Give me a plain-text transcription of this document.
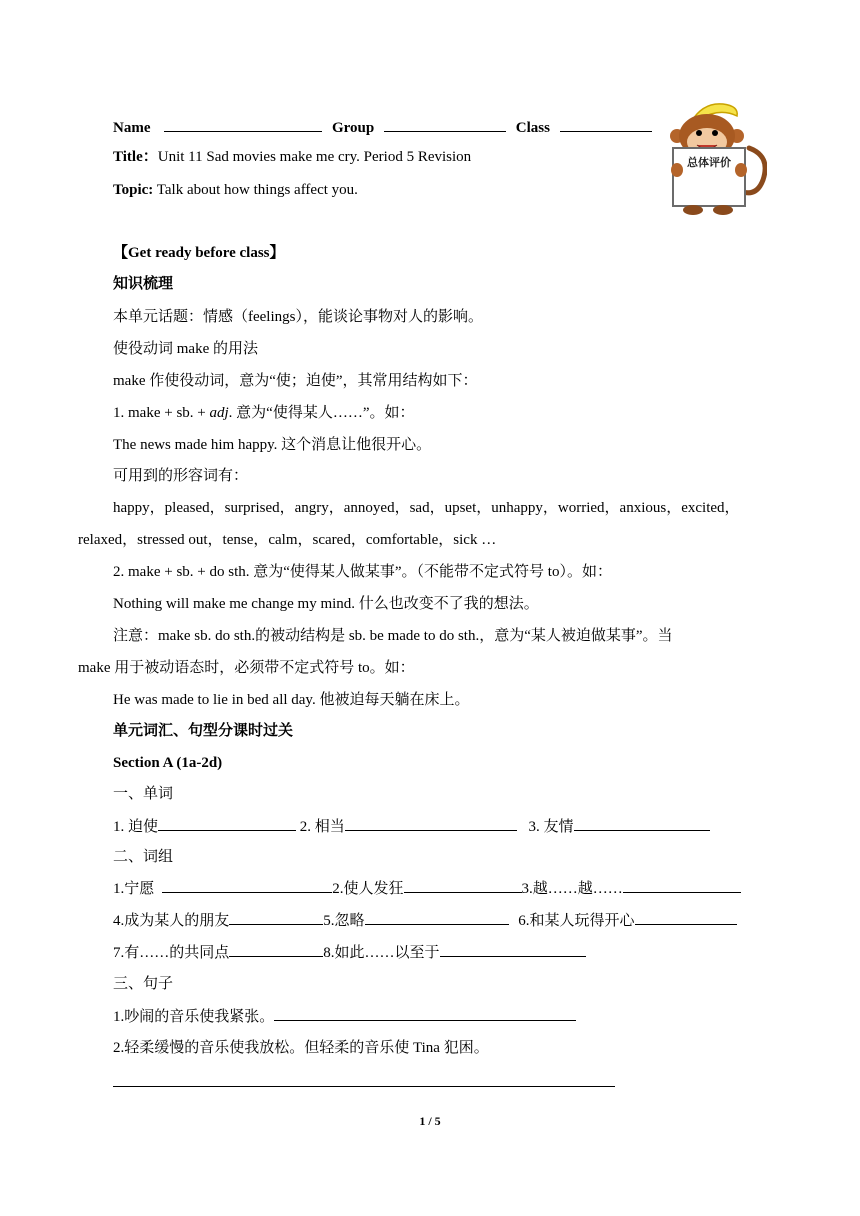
Name	Group	Class
Title：Unit 11 Sad movies make me cry. Period 5 Revision
Topic: Talk about how things affect you.
总体评价
【Get ready before class】
知识梳理
本单元话题：情感（feelings），能谈论事物对人的影响。
使役动词 make 的用法
make 作使役动词，意为“使；迫使”，其常用结构如下：
1. make + sb. + adj. 意为“使得某人……”。如：
The news made him happy. 这个消息让他很开心。
可用到的形容词有：
happy，pleased，surprised，angry，annoyed，sad，upset，unhappy，worried，anxious，excited，
relaxed，stressed out，tense，calm，scared，comfortable，sick …
2. make + sb. + do sth. 意为“使得某人做某事”。（不能带不定式符号 to）。如：
Nothing will make me change my mind. 什么也改变不了我的想法。
注意：make sb. do sth.的被动结构是 sb. be made to do sth.，意为“某人被迫做某事”。当
make 用于被动语态时，必须带不定式符号 to。如：
He was made to lie in bed all day. 他被迫每天躺在床上。
单元词汇、句型分课时过关
Section A (1a-2d)
一、单词
1. 迫使	2. 相当	3. 友情
二、词组
1.宁愿	2.使人发狂	3.越……越……
4.成为某人的朋友	5.忽略	6.和某人玩得开心
7.有……的共同点	8.如此……以至于
三、句子
1.吵闹的音乐使我紧张。
2.轻柔缓慢的音乐使我放松。但轻柔的音乐使 Tina 犯困。
1 / 5
